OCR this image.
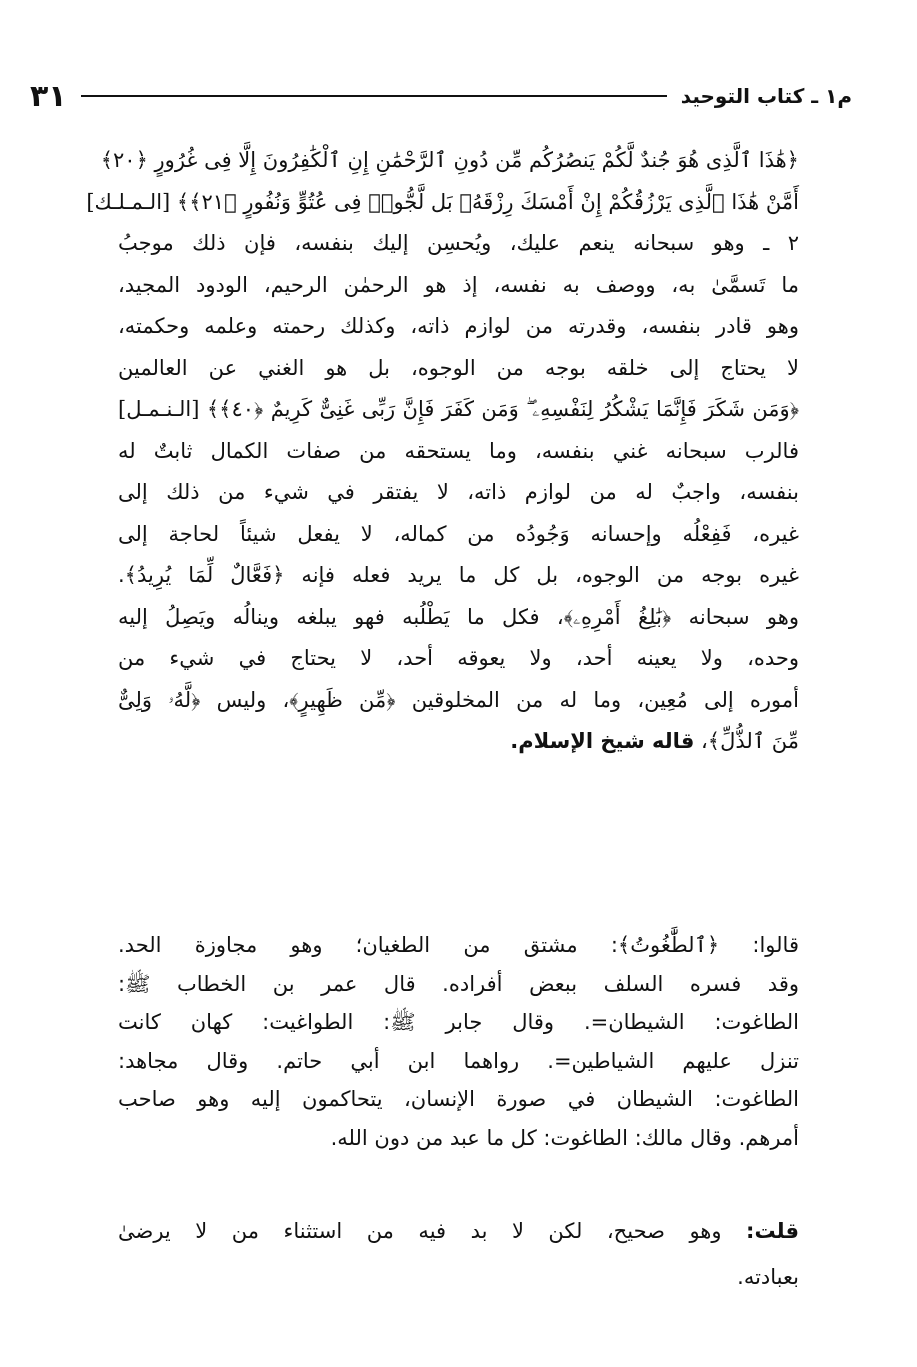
م١ ـ كتاب التوحيد
٣١
﴿هَٰذَا ٱلَّذِى هُوَ جُندٌ لَّكُمْ يَنصُرُكُم مِّن دُونِ ٱلرَّحْمَٰنِ إِنِ ٱلْكَٰفِرُونَ إِلَّا فِى غُرُورٍ ﴿٢٠﴾
أَمَّنْ هَٰذَا ٱلَّذِى يَرْزُقُكُمْ إِنْ أَمْسَكَ رِزْقَهُۥ بَل لَّجُّوا۟ فِى عُتُوٍّ وَنُفُورٍ ﴿٢١﴾﴾ [الـمـلـك]
٢ ـ وهو سبحانه ينعم عليك، ويُحسِن إليك بنفسه، فإن ذلك موجبُ
ما تَسمَّىٰ به، ووصف به نفسه، إذ هو الرحمٰن الرحيم، الودود المجيد،
وهو قادر بنفسه، وقدرته من لوازم ذاته، وكذلك رحمته وعلمه وحكمته،
لا يحتاج إلى خلقه بوجه من الوجوه، بل هو الغني عن العالمين
﴿وَمَن شَكَرَ فَإِنَّمَا يَشْكُرُ لِنَفْسِهِۦ ۖ وَمَن كَفَرَ فَإِنَّ رَبِّى غَنِىٌّ كَرِيمٌ ﴿٤٠﴾﴾ [الـنـمـل]
فالرب سبحانه غني بنفسه، وما يستحقه من صفات الكمال ثابتٌ له
بنفسه، واجبٌ له من لوازم ذاته، لا يفتقر في شيء من ذلك إلى
غيره، فَفِعْلُه وإحسانه وَجُودُه من كماله، لا يفعل شيئاً لحاجة إلى
غيره بوجه من الوجوه، بل كل ما يريد فعله فإنه ﴿فَعَّالٌ لِّمَا يُرِيدُ﴾.
وهو سبحانه ﴿بَٰلِغُ أَمْرِهِۦ﴾، فكل ما يَطْلُبه فهو يبلغه وينالُه ويَصِلُ إليه
وحده، ولا يعينه أحد، ولا يعوقه أحد، لا يحتاج في شيء من
أموره إلى مُعِين، وما له من المخلوقين ﴿مِّن ظَهِيرٍ﴾، وليس ﴿لَّهُۥ وَلِىٌّ
مِّنَ ٱلذُّلِّ﴾، قاله شيخ الإسلام.
قالوا: ﴿ٱلطَّٰغُوتُ﴾: مشتق من الطغيان؛ وهو مجاوزة الحد.
وقد فسره السلف ببعض أفراده. قال عمر بن الخطاب ﷺ:
الطاغوت: الشيطان=. وقال جابر ﷺ: الطواغيت: كهان كانت
تنزل عليهم الشياطين=. رواهما ابن أبي حاتم. وقال مجاهد:
الطاغوت: الشيطان في صورة الإنسان، يتحاكمون إليه وهو صاحب
أمرهم. وقال مالك: الطاغوت: كل ما عبد من دون الله.
قلت: وهو صحيح، لكن لا بد فيه من استثناء من لا يرضىٰ
بعبادته.
